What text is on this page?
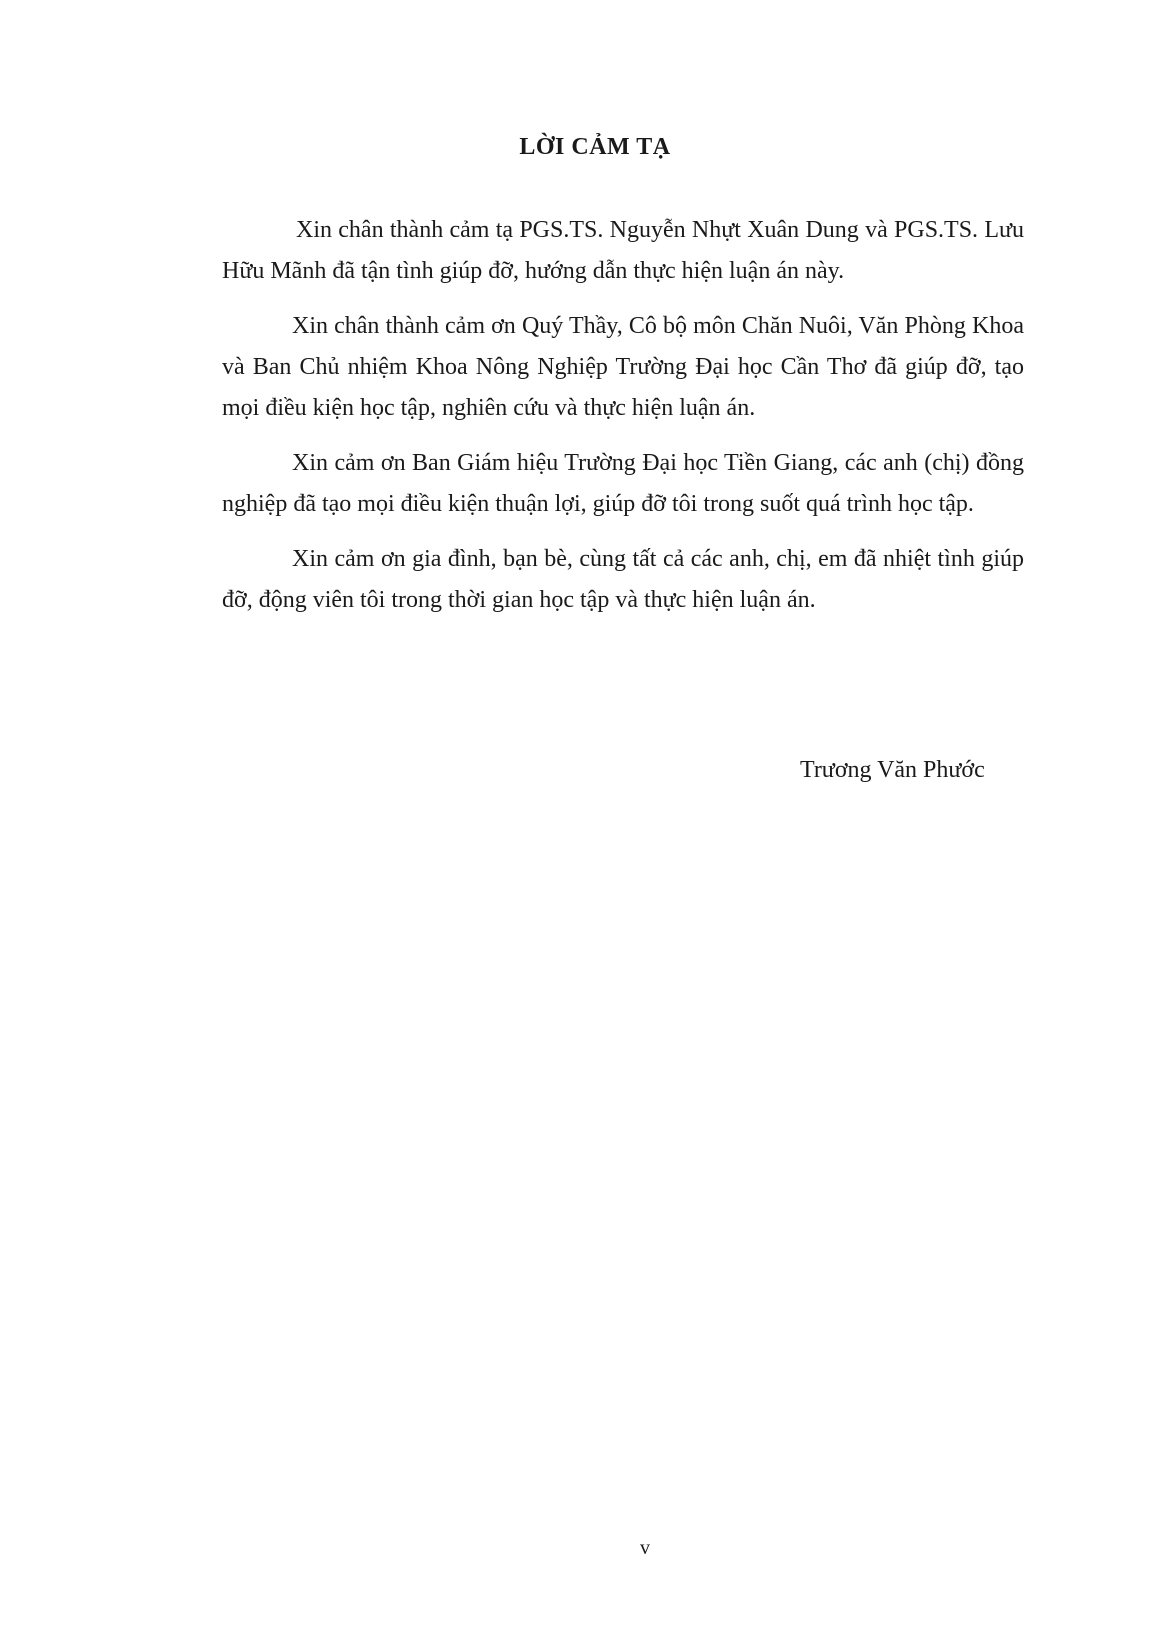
LỜI CẢM TẠ

Xin chân thành cảm tạ PGS.TS. Nguyễn Nhựt Xuân Dung và PGS.TS. Lưu Hữu Mãnh đã tận tình giúp đỡ, hướng dẫn thực hiện luận án này.

Xin chân thành cảm ơn Quý Thầy, Cô bộ môn Chăn Nuôi, Văn Phòng Khoa và Ban Chủ nhiệm Khoa Nông Nghiệp Trường Đại học Cần Thơ đã giúp đỡ, tạo mọi điều kiện học tập, nghiên cứu và thực hiện luận án.

Xin cảm ơn Ban Giám hiệu Trường Đại học Tiền Giang, các anh (chị) đồng nghiệp đã tạo mọi điều kiện thuận lợi, giúp đỡ tôi trong suốt quá trình học tập.

Xin cảm ơn gia đình, bạn bè, cùng tất cả các anh, chị, em đã nhiệt tình giúp đỡ, động viên tôi trong thời gian học tập và thực hiện luận án.

Trương Văn Phước

v
